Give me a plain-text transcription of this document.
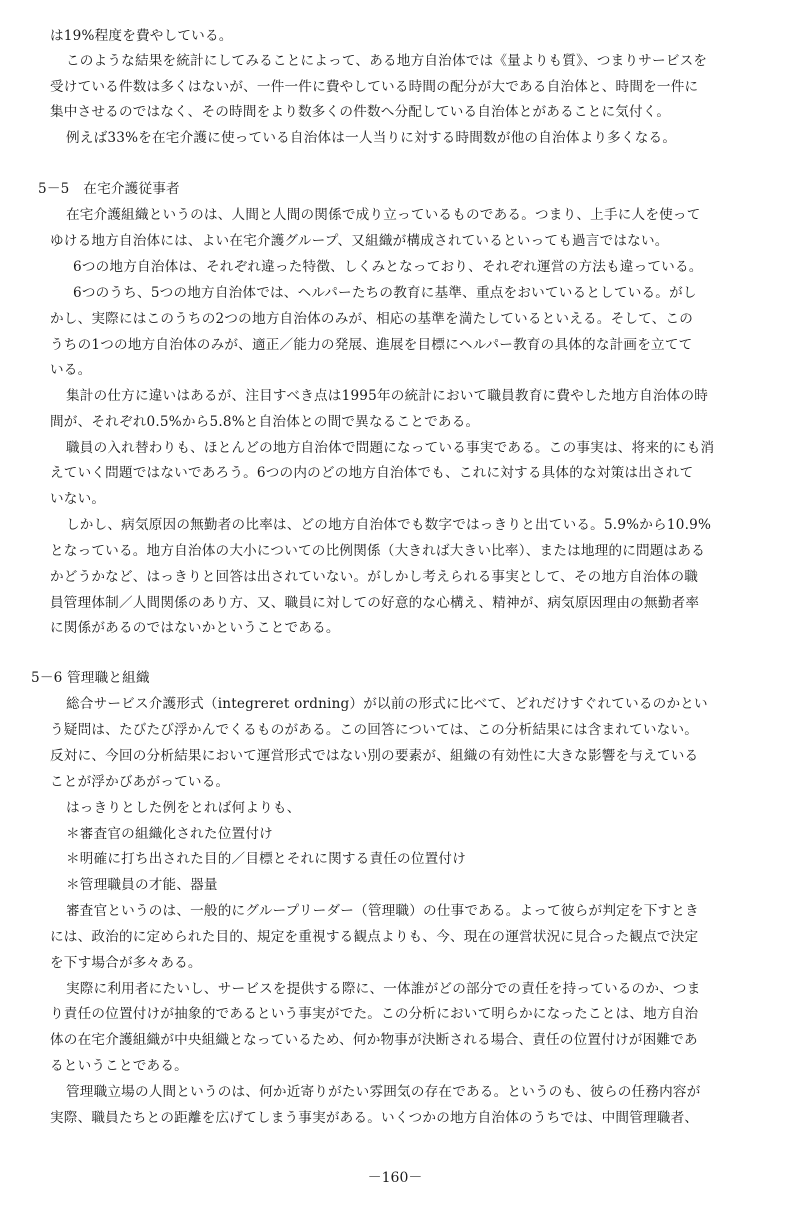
は19%程度を費やしている。
このような結果を統計にしてみることによって、ある地方自治体では《量よりも質》、つまりサービスを
受けている件数は多くはないが、一件一件に費やしている時間の配分が大である自治体と、時間を一件に
集中させるのではなく、その時間をより数多くの件数へ分配している自治体とがあることに気付く。
例えば33%を在宅介護に使っている自治体は一人当りに対する時間数が他の自治体より多くなる。
5－5　在宅介護従事者
在宅介護組織というのは、人間と人間の関係で成り立っているものである。つまり、上手に人を使って
ゆける地方自治体には、よい在宅介護グループ、又組織が構成されているといっても過言ではない。
6つの地方自治体は、それぞれ違った特徴、しくみとなっており、それぞれ運営の方法も違っている。
6つのうち、5つの地方自治体では、ヘルパーたちの教育に基準、重点をおいているとしている。がし
かし、実際にはこのうちの2つの地方自治体のみが、相応の基準を満たしているといえる。そして、この
うちの1つの地方自治体のみが、適正／能力の発展、進展を目標にヘルパー教育の具体的な計画を立てて
いる。
集計の仕方に違いはあるが、注目すべき点は1995年の統計において職員教育に費やした地方自治体の時
間が、それぞれ0.5%から5.8%と自治体との間で異なることである。
職員の入れ替わりも、ほとんどの地方自治体で問題になっている事実である。この事実は、将来的にも消
えていく問題ではないであろう。6つの内のどの地方自治体でも、これに対する具体的な対策は出されて
いない。
しかし、病気原因の無勤者の比率は、どの地方自治体でも数字ではっきりと出ている。5.9%から10.9%
となっている。地方自治体の大小についての比例関係（大きれば大きい比率）、または地理的に問題はある
かどうかなど、はっきりと回答は出されていない。がしかし考えられる事実として、その地方自治体の職
員管理体制／人間関係のあり方、又、職員に対しての好意的な心構え、精神が、病気原因理由の無勤者率
に関係があるのではないかということである。
5－6 管理職と組織
総合サービス介護形式（integreret ordning）が以前の形式に比べて、どれだけすぐれているのかとい
う疑問は、たびたび浮かんでくるものがある。この回答については、この分析結果には含まれていない。
反対に、今回の分析結果において運営形式ではない別の要素が、組織の有効性に大きな影響を与えている
ことが浮かびあがっている。
はっきりとした例をとれば何よりも、
＊審査官の組織化された位置付け
＊明確に打ち出された目的／目標とそれに関する責任の位置付け
＊管理職員の才能、器量
審査官というのは、一般的にグループリーダー（管理職）の仕事である。よって彼らが判定を下すとき
には、政治的に定められた目的、規定を重視する観点よりも、今、現在の運営状況に見合った観点で決定
を下す場合が多々ある。
実際に利用者にたいし、サービスを提供する際に、一体誰がどの部分での責任を持っているのか、つま
り責任の位置付けが抽象的であるという事実がでた。この分析において明らかになったことは、地方自治
体の在宅介護組織が中央組織となっているため、何か物事が決断される場合、責任の位置付けが困難であ
るということである。
管理職立場の人間というのは、何か近寄りがたい雰囲気の存在である。というのも、彼らの任務内容が
実際、職員たちとの距離を広げてしまう事実がある。いくつかの地方自治体のうちでは、中間管理職者、
－160－
